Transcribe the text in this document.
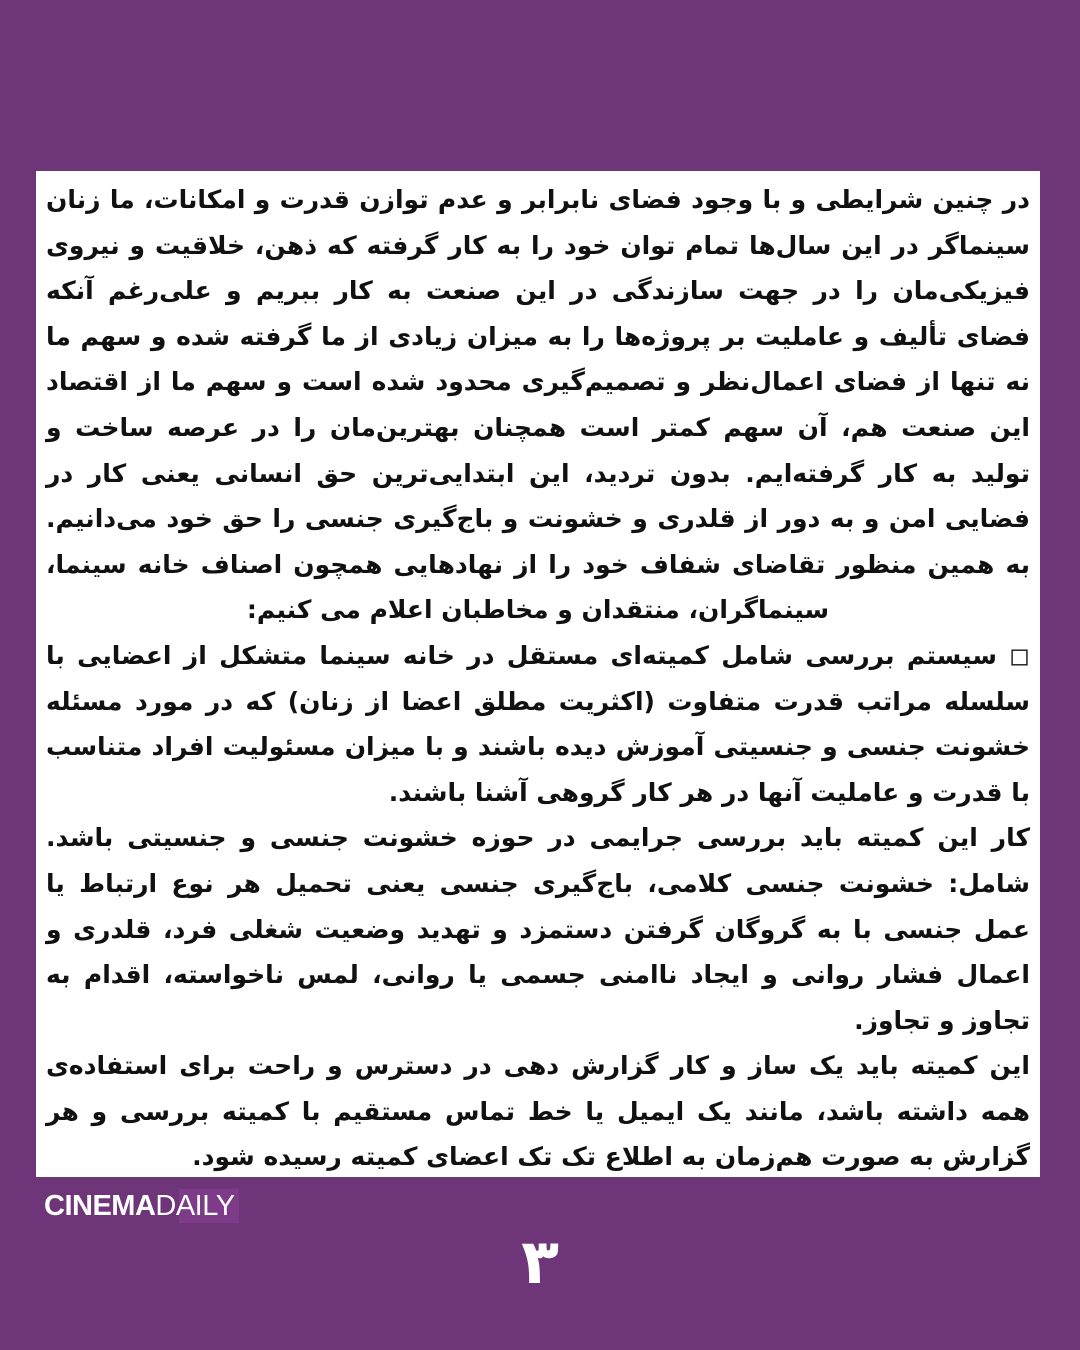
در چنین شرایطی و با وجود فضای نابرابر و عدم توازن قدرت و امکانات، ما زنان سینماگر در این سال‌ها تمام توان خود را به کار گرفته که ذهن، خلاقیت و نیروی فیزیکی‌مان را در جهت سازندگی در این صنعت به کار ببریم و علی‌رغم آنکه فضای تألیف و عاملیت بر پروژه‌ها را به میزان زیادی از ما گرفته شده و سهم ما نه تنها از فضای اعمال‌نظر و تصمیم‌گیری محدود شده است و سهم ما از اقتصاد این صنعت هم، آن سهم کمتر است همچنان بهترین‌مان را در عرصه ساخت و تولید به کار گرفته‌ایم. بدون تردید، این ابتدایی‌ترین حق انسانی یعنی کار در فضایی امن و به دور از قلدری و خشونت و باج‌گیری جنسی را حق خود می‌دانیم. به همین منظور تقاضای شفاف خود را از نهادهایی همچون اصناف خانه سینما، سینماگران، منتقدان و مخاطبان اعلام می کنیم:

◻ سیستم بررسی شامل کمیته‌ای مستقل در خانه سینما متشکل از اعضایی با سلسله مراتب قدرت متفاوت (اکثریت مطلق اعضا از زنان) که در مورد مسئله خشونت جنسی و جنسیتی آموزش دیده باشند و با میزان مسئولیت افراد متناسب با قدرت و عاملیت آنها در هر کار گروهی آشنا باشند.

کار این کمیته باید بررسی جرایمی در حوزه خشونت جنسی و جنسیتی باشد. شامل: خشونت جنسی کلامی، باج‌گیری جنسی یعنی تحمیل هر نوع ارتباط یا عمل جنسی با به گروگان گرفتن دستمزد و تهدید وضعیت شغلی فرد، قلدری و اعمال فشار روانی و ایجاد ناامنی جسمی یا روانی، لمس ناخواسته، اقدام به تجاوز و تجاوز.

این کمیته باید یک ساز و کار گزارش دهی در دسترس و راحت برای استفاده‌ی همه داشته باشد، مانند یک ایمیل یا خط تماس مستقیم با کمیته بررسی و هر گزارش به صورت هم‌زمان به اطلاع تک تک اعضای کمیته رسیده شود.

CINEMA DAILY
۳
